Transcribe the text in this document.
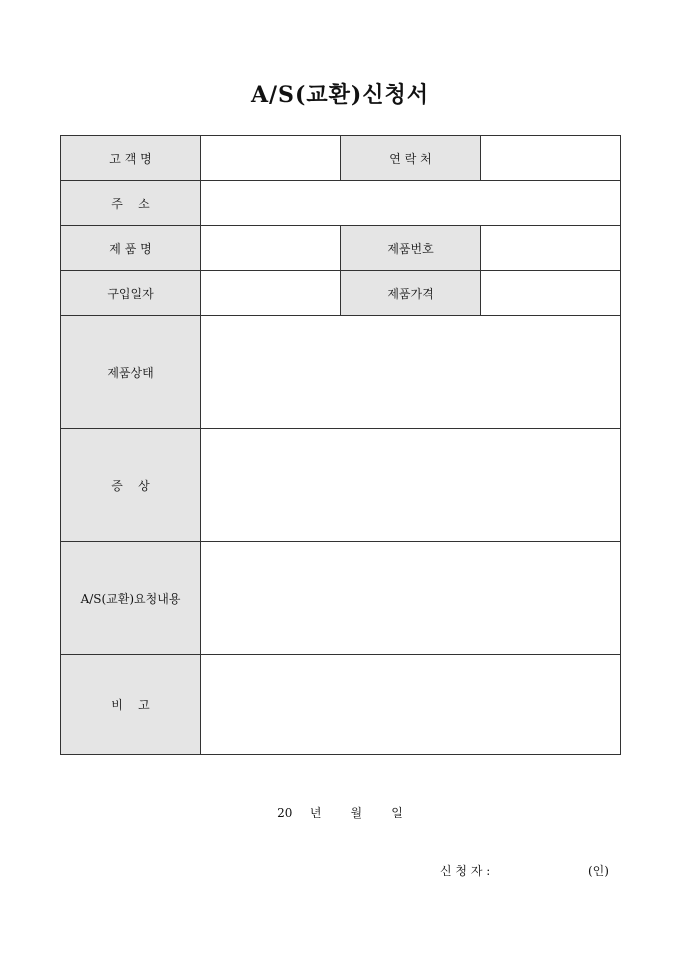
A/S(교환)신청서
고 객 명		연 락 처	
주    소			
제 품 명		제품번호	
구입일자		제품가격	
제품상태			
증    상			
A/S(교환)요청내용			
비    고			
20   년     월     일
신 청 자 :	(인)
